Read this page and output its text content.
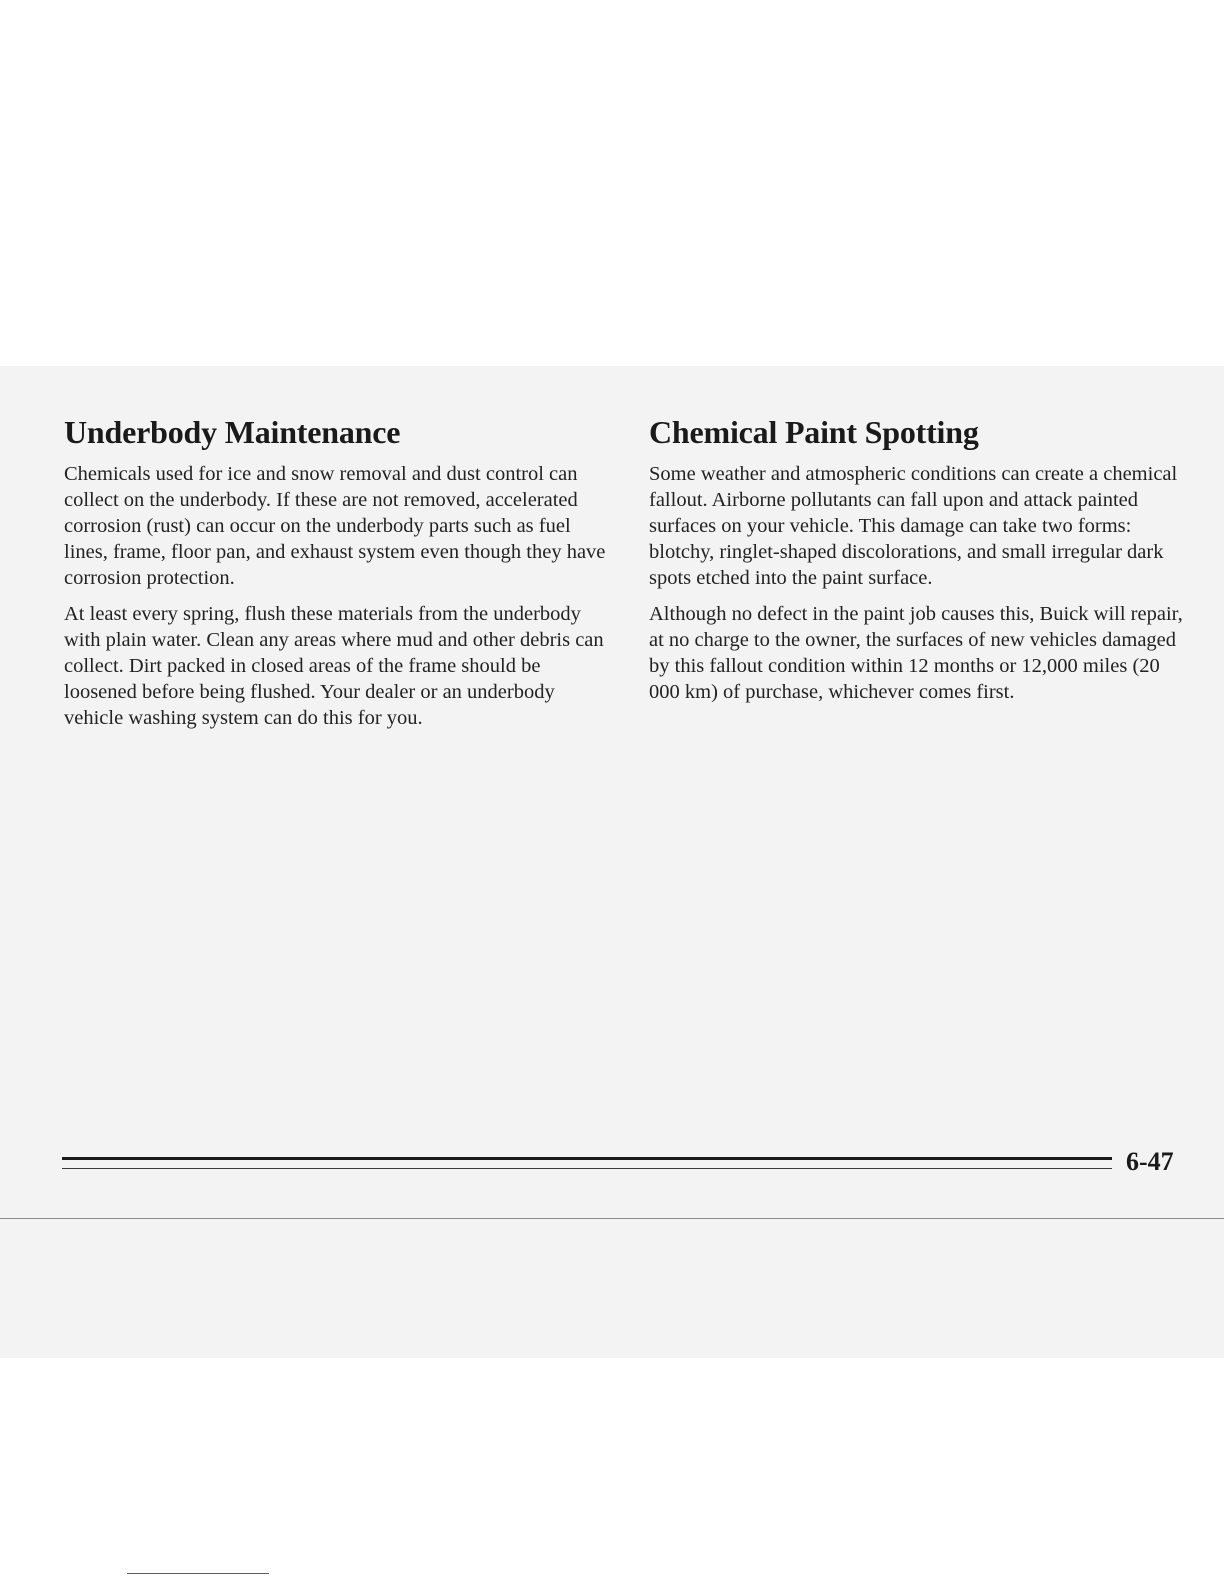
Underbody Maintenance

Chemicals used for ice and snow removal and dust control can collect on the underbody. If these are not removed, accelerated corrosion (rust) can occur on the underbody parts such as fuel lines, frame, floor pan, and exhaust system even though they have corrosion protection.

At least every spring, flush these materials from the underbody with plain water. Clean any areas where mud and other debris can collect. Dirt packed in closed areas of the frame should be loosened before being flushed. Your dealer or an underbody vehicle washing system can do this for you.

Chemical Paint Spotting

Some weather and atmospheric conditions can create a chemical fallout. Airborne pollutants can fall upon and attack painted surfaces on your vehicle. This damage can take two forms: blotchy, ringlet-shaped discolorations, and small irregular dark spots etched into the paint surface.

Although no defect in the paint job causes this, Buick will repair, at no charge to the owner, the surfaces of new vehicles damaged by this fallout condition within 12 months or 12,000 miles (20 000 km) of purchase, whichever comes first.

6-47
